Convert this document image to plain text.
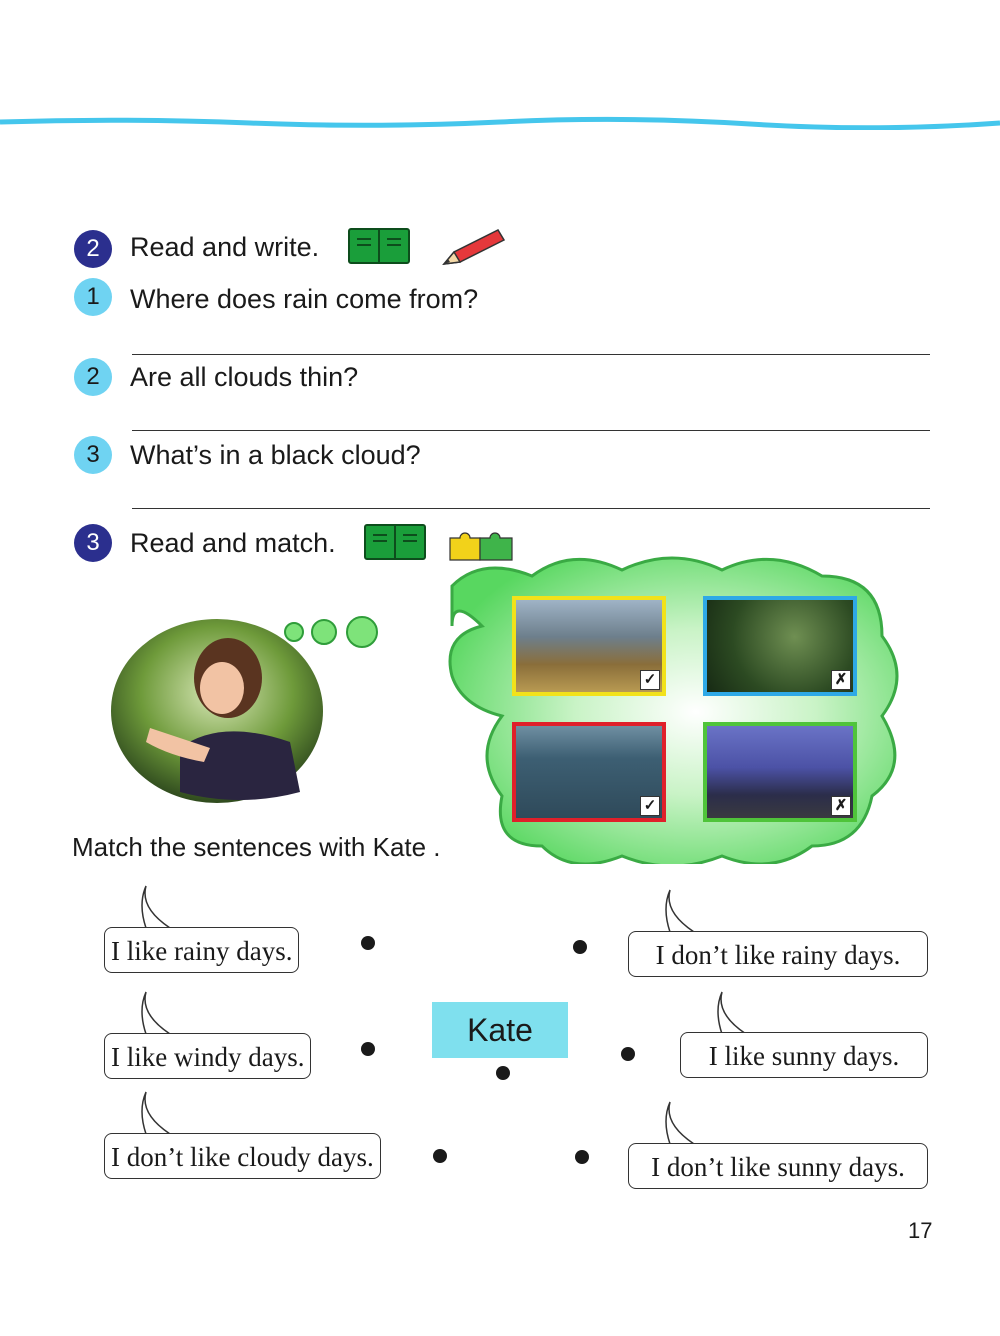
2	Read and write.
1	Where does rain come from?
2	Are all clouds thin?
3	What’s in a black cloud?
3	Read and match.
✓	✗
✓	✗
Match the sentences with Kate .
I like rainy days.
I like windy days.
I don’t like cloudy days.
I don’t like rainy days.
I like sunny days.
I don’t like sunny days.
Kate
17
